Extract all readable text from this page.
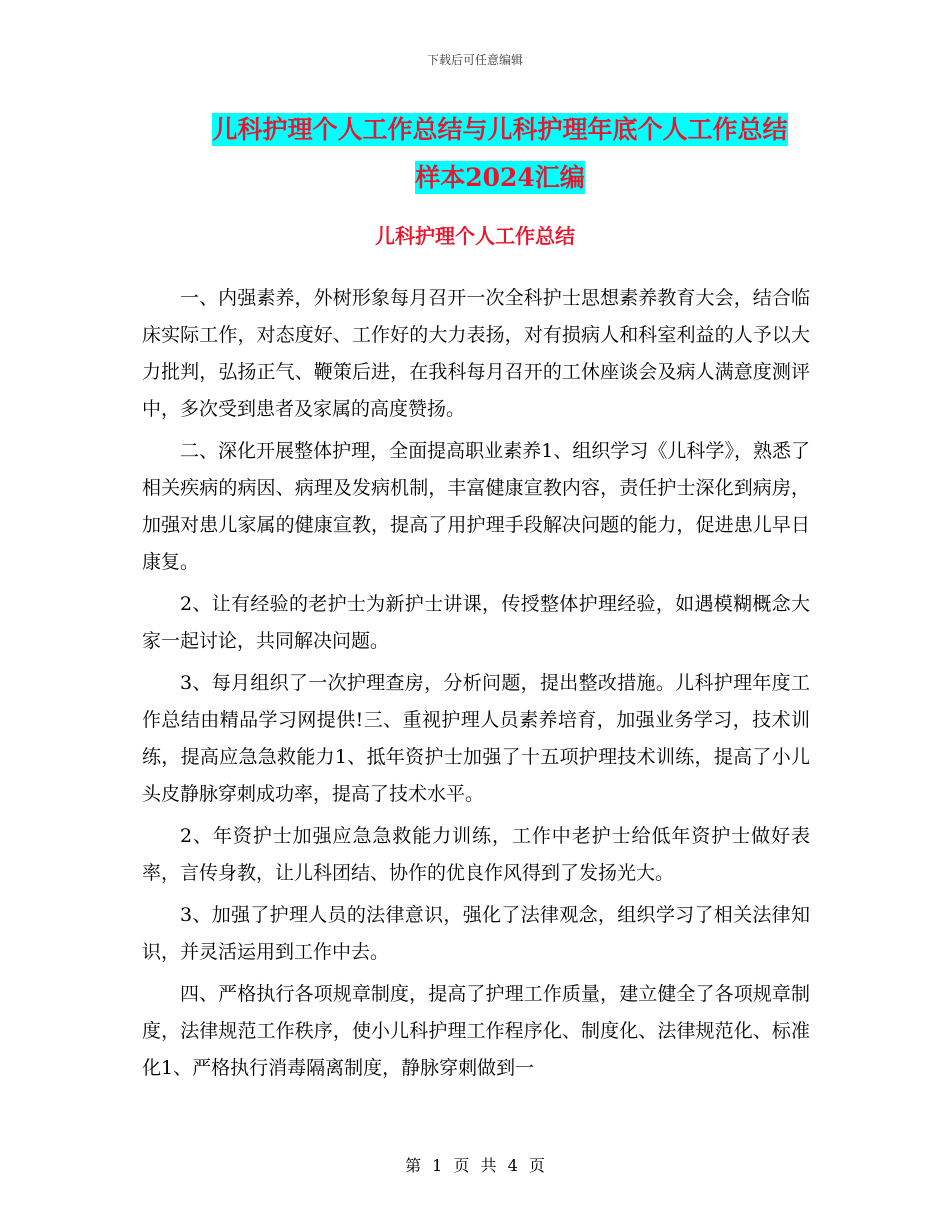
下载后可任意编辑
儿科护理个人工作总结与儿科护理年底个人工作总结
样本2024汇编
儿科护理个人工作总结

一、内强素养，外树形象每月召开一次全科护士思想素养教育大会，结合临床实际工作，对态度好、工作好的大力表扬，对有损病人和科室利益的人予以大力批判，弘扬正气、鞭策后进，在我科每月召开的工休座谈会及病人满意度测评中，多次受到患者及家属的高度赞扬。

二、深化开展整体护理，全面提高职业素养1、组织学习《儿科学》，熟悉了相关疾病的病因、病理及发病机制，丰富健康宣教内容，责任护士深化到病房，加强对患儿家属的健康宣教，提高了用护理手段解决问题的能力，促进患儿早日康复。

2、让有经验的老护士为新护士讲课，传授整体护理经验，如遇模糊概念大家一起讨论，共同解决问题。

3、每月组织了一次护理查房，分析问题，提出整改措施。儿科护理年度工作总结由精品学习网提供!三、重视护理人员素养培育，加强业务学习，技术训练，提高应急急救能力1、抵年资护士加强了十五项护理技术训练，提高了小儿头皮静脉穿刺成功率，提高了技术水平。

2、年资护士加强应急急救能力训练，工作中老护士给低年资护士做好表率，言传身教，让儿科团结、协作的优良作风得到了发扬光大。

3、加强了护理人员的法律意识，强化了法律观念，组织学习了相关法律知识，并灵活运用到工作中去。

四、严格执行各项规章制度，提高了护理工作质量，建立健全了各项规章制度，法律规范工作秩序，使小儿科护理工作程序化、制度化、法律规范化、标准化1、严格执行消毒隔离制度，静脉穿刺做到一

第 1 页 共 4 页
